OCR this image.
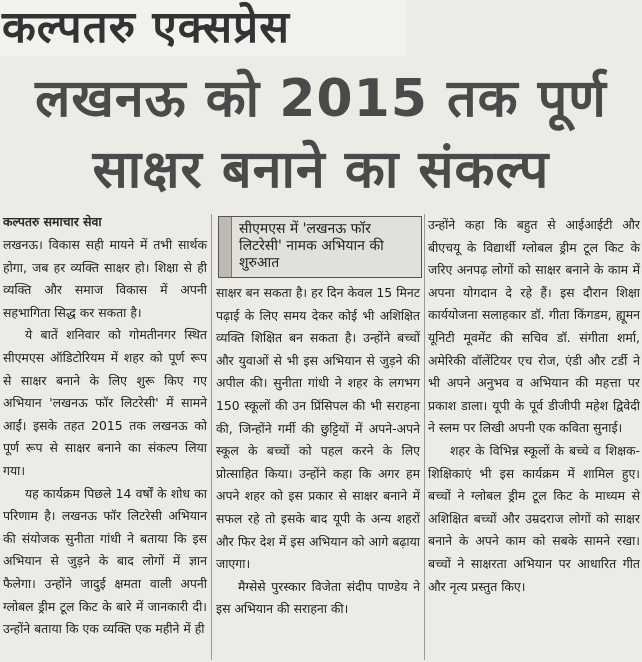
कल्पतरु एक्सप्रेस
लखनऊ को 2015 तक पूर्ण
साक्षर बनाने का संकल्प
कल्पतरु समाचार सेवा	सीएमएस में 'लखनऊ फॉर लिटरेसी' नामक अभियान की शुरुआत

लखनऊ। विकास सही मायने में तभी सार्थक होगा, जब हर व्यक्ति साक्षर हो। शिक्षा से ही व्यक्ति और समाज विकास में अपनी सहभागिता सिद्ध कर सकता है।

ये बातें शनिवार को गोमतीनगर स्थित सीएमएस ऑडिटोरियम में शहर को पूर्ण रूप से साक्षर बनाने के लिए शुरू किए गए अभियान 'लखनऊ फॉर लिटरेसी' में सामने आईं। इसके तहत 2015 तक लखनऊ को पूर्ण रूप से साक्षर बनाने का संकल्प लिया गया।

यह कार्यक्रम पिछले 14 वर्षों के शोध का परिणाम है। लखनऊ फॉर लिटरेसी अभियान की संयोजक सुनीता गांधी ने बताया कि इस अभियान से जुड़ने के बाद लोगों में ज्ञान फैलेगा। उन्होंने जादुई क्षमता वाली अपनी ग्लोबल ड्रीम टूल किट के बारे में जानकारी दी। उन्होंने बताया कि एक व्यक्ति एक महीने में ही

साक्षर बन सकता है। हर दिन केवल 15 मिनट पढ़ाई के लिए समय देकर कोई भी अशिक्षित व्यक्ति शिक्षित बन सकता है। उन्होंने बच्चों और युवाओं से भी इस अभियान से जुड़ने की अपील की। सुनीता गांधी ने शहर के लगभग 150 स्कूलों की उन प्रिंसिपल की भी सराहना की, जिन्होंने गर्मी की छुट्टियों में अपने-अपने स्कूल के बच्चों को पहल करने के लिए प्रोत्साहित किया। उन्होंने कहा कि अगर हम अपने शहर को इस प्रकार से साक्षर बनाने में सफल रहे तो इसके बाद यूपी के अन्य शहरों और फिर देश में इस अभियान को आगे बढ़ाया जाएगा।

मैग्सेसे पुरस्कार विजेता संदीप पाण्डेय ने इस अभियान की सराहना की।

उन्होंने कहा कि बहुत से आईआईटी और बीएचयू के विद्यार्थी ग्लोबल ड्रीम टूल किट के जरिए अनपढ़ लोगों को साक्षर बनाने के काम में अपना योगदान दे रहे हैं। इस दौरान शिक्षा कार्ययोजना सलाहकार डॉ. गीता किंगडम, ह्यूमन यूनिटी मूवमेंट की सचिव डॉ. संगीता शर्मा, अमेरिकी वॉलेंटियर एच रोज, एंडी और टर्डी ने भी अपने अनुभव व अभियान की महत्ता पर प्रकाश डाला। यूपी के पूर्व डीजीपी महेश द्विवेदी ने स्लम पर लिखी अपनी एक कविता सुनाई।

शहर के विभिन्न स्कूलों के बच्चे व शिक्षक-शिक्षिकाएं भी इस कार्यक्रम में शामिल हुए। बच्चों ने ग्लोबल ड्रीम टूल किट के माध्यम से अशिक्षित बच्चों और उम्रदराज लोगों को साक्षर बनाने के अपने काम को सबके सामने रखा। बच्चों ने साक्षरता अभियान पर आधारित गीत और नृत्य प्रस्तुत किए।
